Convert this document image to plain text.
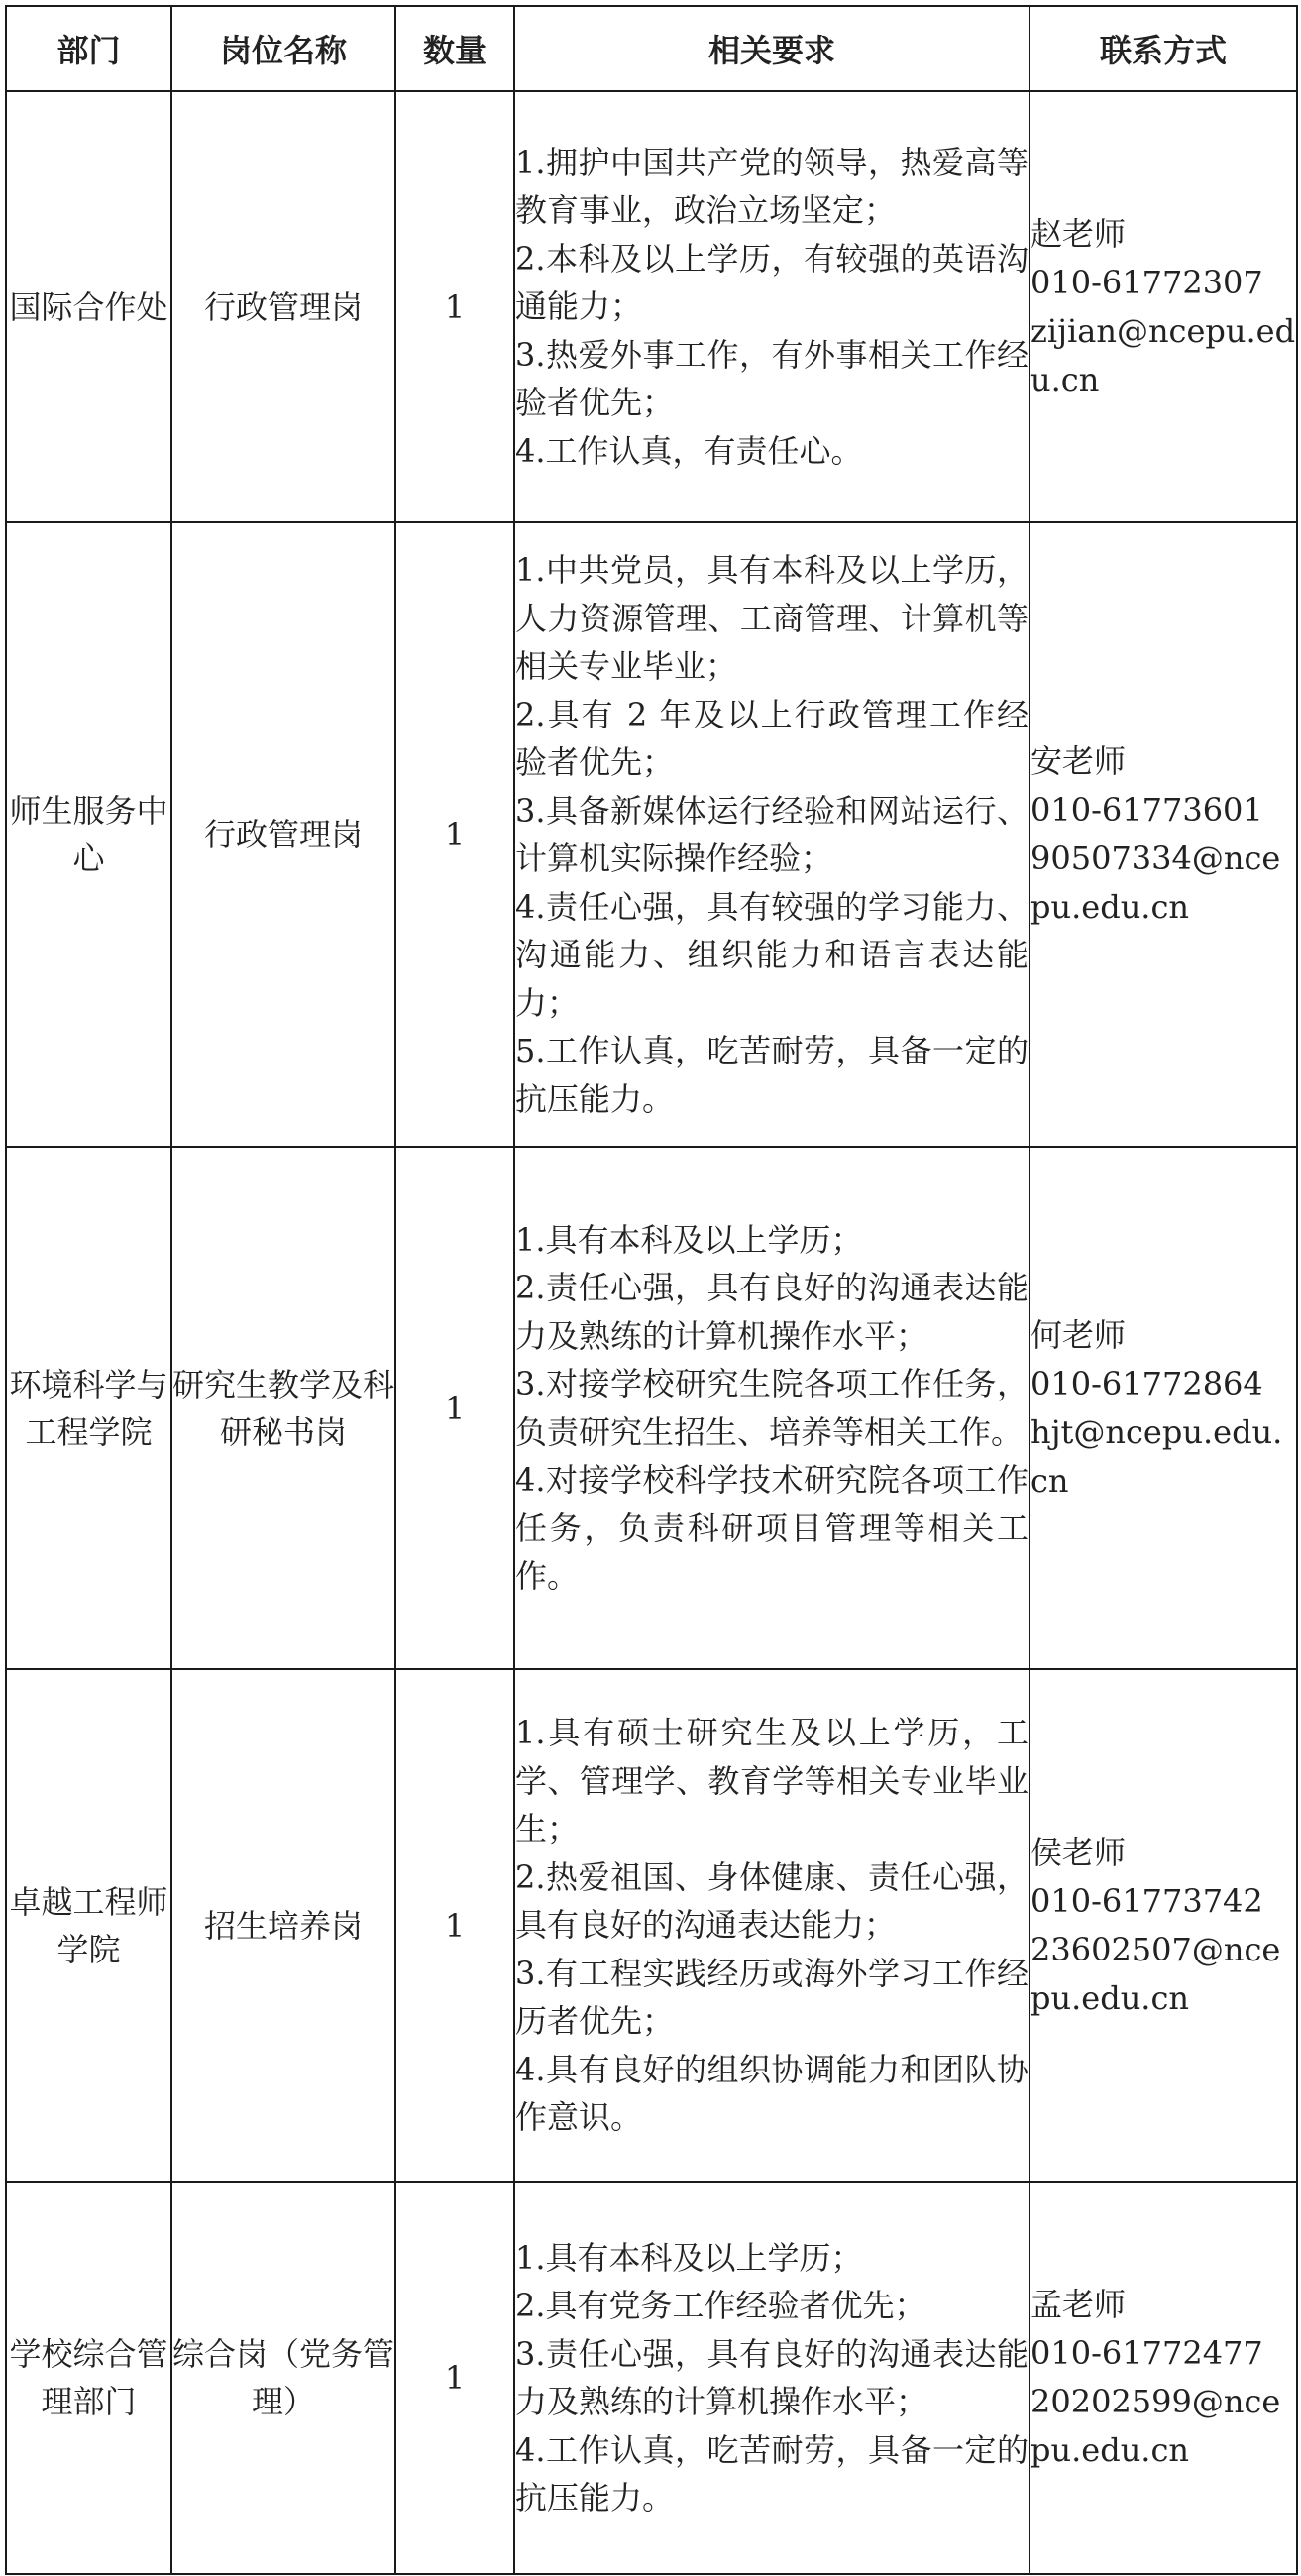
部门	岗位名称	数量	相关要求	联系方式
国际合作处	行政管理岗	1	1.拥护中国共产党的领导，热爱高等教育事业，政治立场坚定；
2.本科及以上学历，有较强的英语沟通能力；
3.热爱外事工作，有外事相关工作经验者优先；
4.工作认真，有责任心。	赵老师
010-61772307
zijian@ncepu.edu.cn

师生服务中心	行政管理岗	1	1.中共党员，具有本科及以上学历，人力资源管理、工商管理、计算机等相关专业毕业；
2.具有 2 年及以上行政管理工作经验者优先；
3.具备新媒体运行经验和网站运行、计算机实际操作经验；
4.责任心强，具有较强的学习能力、沟通能力、组织能力和语言表达能力；
5.工作认真，吃苦耐劳，具备一定的抗压能力。	安老师
010-61773601
90507334@ncepu.edu.cn

环境科学与工程学院	研究生教学及科研秘书岗	1	1.具有本科及以上学历；
2.责任心强，具有良好的沟通表达能力及熟练的计算机操作水平；
3.对接学校研究生院各项工作任务，负责研究生招生、培养等相关工作。
4.对接学校科学技术研究院各项工作任务，负责科研项目管理等相关工作。	何老师
010-61772864
hjt@ncepu.edu.cn

卓越工程师学院	招生培养岗	1	1.具有硕士研究生及以上学历，工学、管理学、教育学等相关专业毕业生；
2.热爱祖国、身体健康、责任心强，具有良好的沟通表达能力；
3.有工程实践经历或海外学习工作经历者优先；
4.具有良好的组织协调能力和团队协作意识。	侯老师
010-61773742
23602507@ncepu.edu.cn

学校综合管理部门	综合岗（党务管理）	1	1.具有本科及以上学历；
2.具有党务工作经验者优先；
3.责任心强，具有良好的沟通表达能力及熟练的计算机操作水平；
4.工作认真，吃苦耐劳，具备一定的抗压能力。	孟老师
010-61772477
20202599@ncepu.edu.cn
